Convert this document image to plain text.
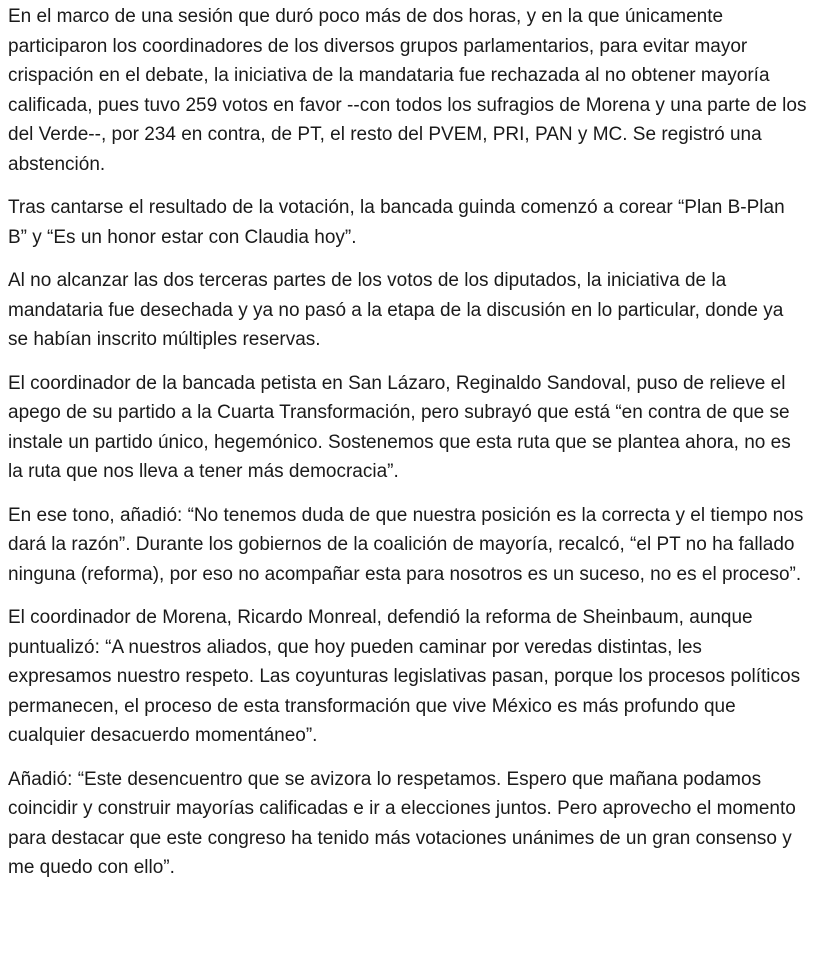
En el marco de una sesión que duró poco más de dos horas, y en la que únicamente participaron los coordinadores de los diversos grupos parlamentarios, para evitar mayor crispación en el debate, la iniciativa de la mandataria fue rechazada al no obtener mayoría calificada, pues tuvo 259 votos en favor --con todos los sufragios de Morena y una parte de los del Verde--, por 234 en contra, de PT, el resto del PVEM, PRI, PAN y MC. Se registró una abstención.

Tras cantarse el resultado de la votación, la bancada guinda comenzó a corear “Plan B-Plan B” y “Es un honor estar con Claudia hoy”.

Al no alcanzar las dos terceras partes de los votos de los diputados, la iniciativa de la mandataria fue desechada y ya no pasó a la etapa de la discusión en lo particular, donde ya se habían inscrito múltiples reservas.

El coordinador de la bancada petista en San Lázaro, Reginaldo Sandoval, puso de relieve el apego de su partido a la Cuarta Transformación, pero subrayó que está “en contra de que se instale un partido único, hegemónico. Sostenemos que esta ruta que se plantea ahora, no es la ruta que nos lleva a tener más democracia”.

En ese tono, añadió: “No tenemos duda de que nuestra posición es la correcta y el tiempo nos dará la razón”. Durante los gobiernos de la coalición de mayoría, recalcó, “el PT no ha fallado ninguna (reforma), por eso no acompañar esta para nosotros es un suceso, no es el proceso”.

El coordinador de Morena, Ricardo Monreal, defendió la reforma de Sheinbaum, aunque puntualizó: “A nuestros aliados, que hoy pueden caminar por veredas distintas, les expresamos nuestro respeto. Las coyunturas legislativas pasan, porque los procesos políticos permanecen, el proceso de esta transformación que vive México es más profundo que cualquier desacuerdo momentáneo”.

Añadió: “Este desencuentro que se avizora lo respetamos. Espero que mañana podamos coincidir y construir mayorías calificadas e ir a elecciones juntos. Pero aprovecho el momento para destacar que este congreso ha tenido más votaciones unánimes de un gran consenso y me quedo con ello”.
